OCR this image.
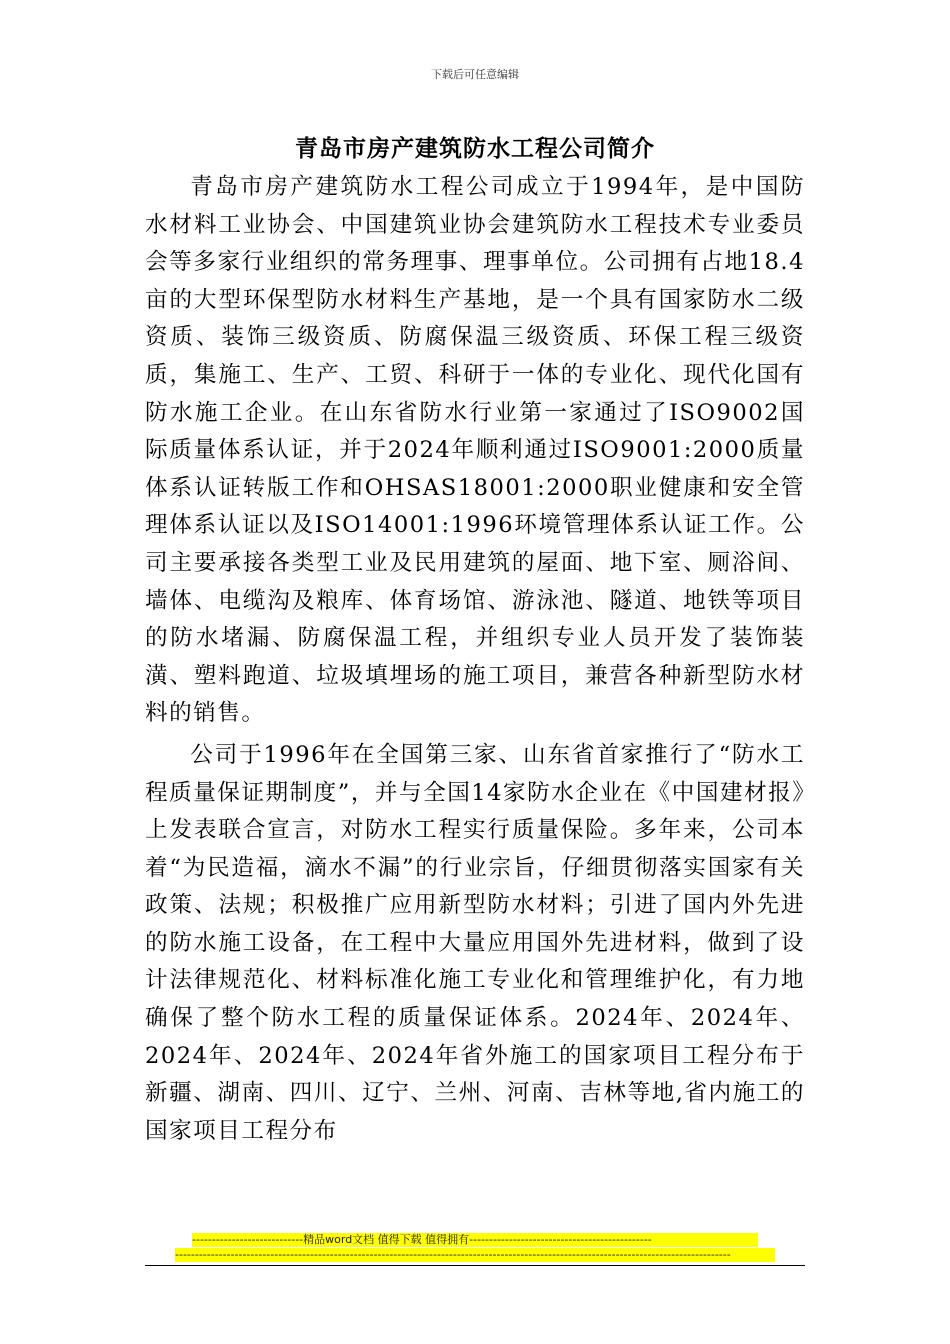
下载后可任意编辑
青岛市房产建筑防水工程公司简介

青岛市房产建筑防水工程公司成立于1994年，是中国防水材料工业协会、中国建筑业协会建筑防水工程技术专业委员会等多家行业组织的常务理事、理事单位。公司拥有占地18.4亩的大型环保型防水材料生产基地，是一个具有国家防水二级资质、装饰三级资质、防腐保温三级资质、环保工程三级资质，集施工、生产、工贸、科研于一体的专业化、现代化国有防水施工企业。在山东省防水行业第一家通过了ISO9002国际质量体系认证，并于2024年顺利通过ISO9001:2000质量体系认证转版工作和OHSAS18001:2000职业健康和安全管理体系认证以及ISO14001:1996环境管理体系认证工作。公司主要承接各类型工业及民用建筑的屋面、地下室、厕浴间、墙体、电缆沟及粮库、体育场馆、游泳池、隧道、地铁等项目的防水堵漏、防腐保温工程，并组织专业人员开发了装饰装潢、塑料跑道、垃圾填埋场的施工项目，兼营各种新型防水材料的销售。

公司于1996年在全国第三家、山东省首家推行了“防水工程质量保证期制度”，并与全国14家防水企业在《中国建材报》上发表联合宣言，对防水工程实行质量保险。多年来，公司本着“为民造福，滴水不漏”的行业宗旨，仔细贯彻落实国家有关政策、法规；积极推广应用新型防水材料；引进了国内外先进的防水施工设备，在工程中大量应用国外先进材料，做到了设计法律规范化、材料标准化施工专业化和管理维护化，有力地确保了整个防水工程的质量保证体系。2024年、2024年、2024年、2024年、2024年省外施工的国家项目工程分布于新疆、湖南、四川、辽宁、兰州、河南、吉林等地,省内施工的国家项目工程分布

----------------------------精品word文档 值得下载 值得拥有----------------------------------------------
--------------------------------------------------------------------------------------------------------------------------------------------
